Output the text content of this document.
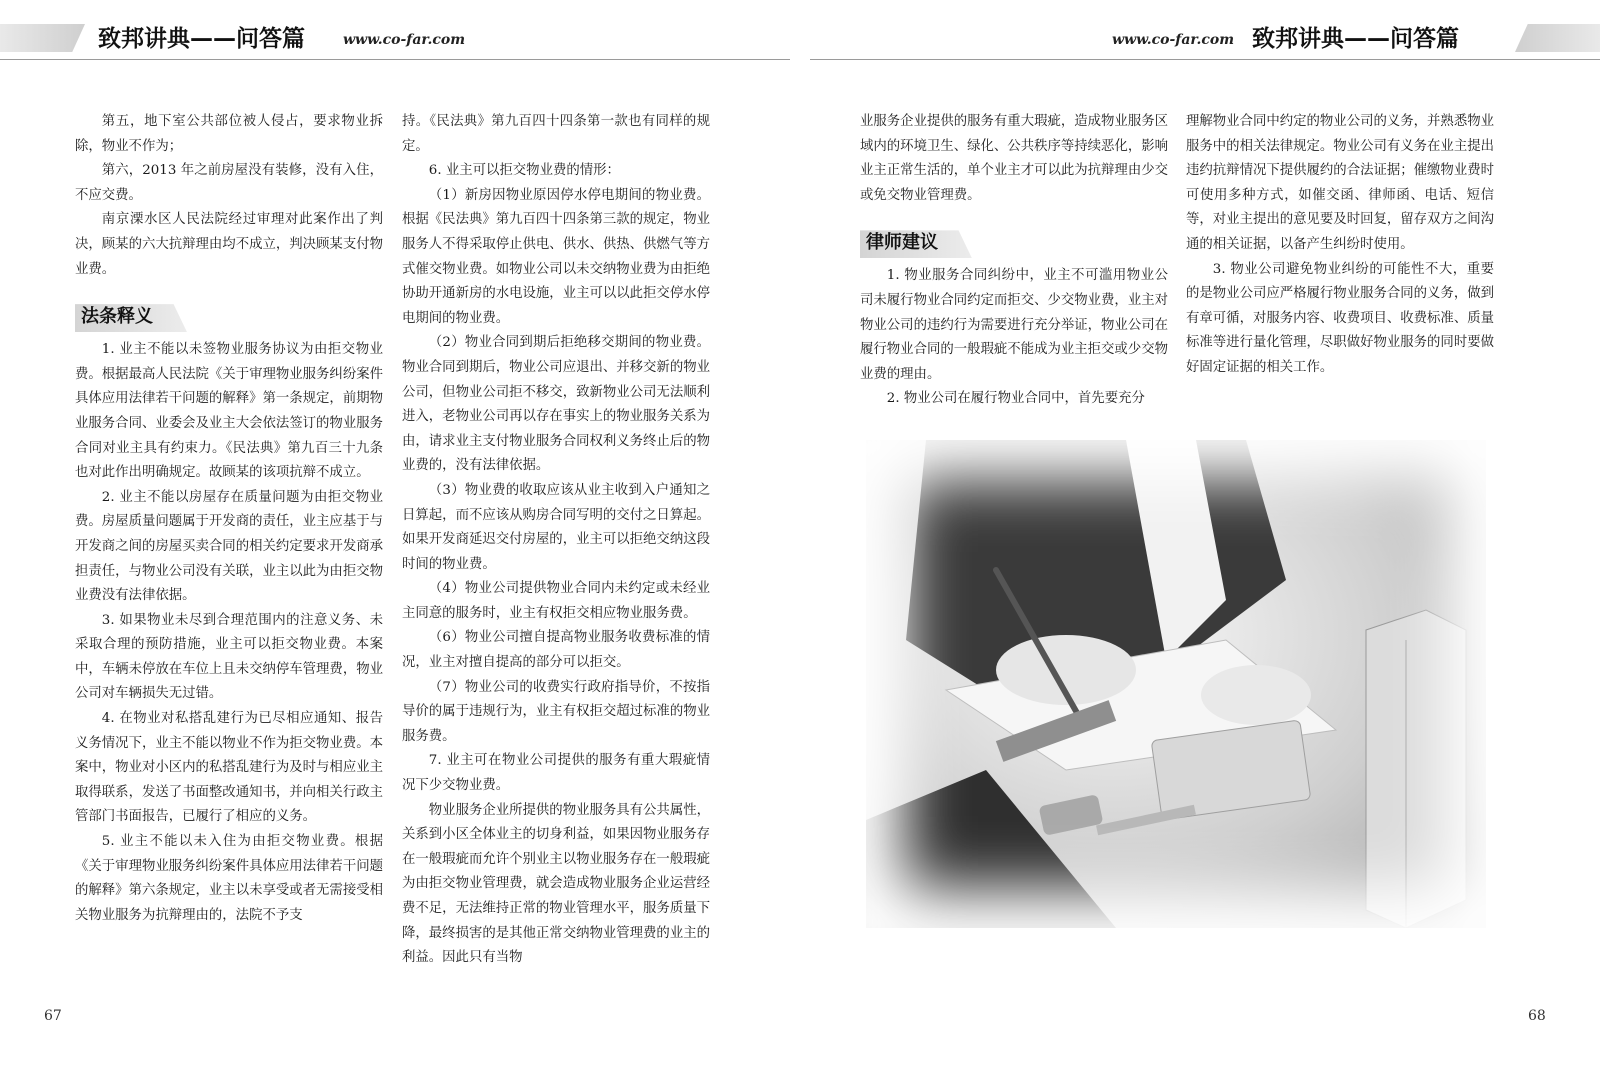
致邦讲典——问答篇	www.co-far.com	www.co-far.com 致邦讲典——问答篇

第五，地下室公共部位被人侵占，要求物业拆除，物业不作为；

第六，2013 年之前房屋没有装修，没有入住，不应交费。

南京溧水区人民法院经过审理对此案作出了判决，顾某的六大抗辩理由均不成立，判决顾某支付物业费。

法条释义

1. 业主不能以未签物业服务协议为由拒交物业费。根据最高人民法院《关于审理物业服务纠纷案件具体应用法律若干问题的解释》第一条规定，前期物业服务合同、业委会及业主大会依法签订的物业服务合同对业主具有约束力。《民法典》第九百三十九条也对此作出明确规定。故顾某的该项抗辩不成立。

2. 业主不能以房屋存在质量问题为由拒交物业费。房屋质量问题属于开发商的责任，业主应基于与开发商之间的房屋买卖合同的相关约定要求开发商承担责任，与物业公司没有关联，业主以此为由拒交物业费没有法律依据。

3. 如果物业未尽到合理范围内的注意义务、未采取合理的预防措施，业主可以拒交物业费。本案中，车辆未停放在车位上且未交纳停车管理费，物业公司对车辆损失无过错。

4. 在物业对私搭乱建行为已尽相应通知、报告义务情况下，业主不能以物业不作为拒交物业费。本案中，物业对小区内的私搭乱建行为及时与相应业主取得联系，发送了书面整改通知书，并向相关行政主管部门书面报告，已履行了相应的义务。

5. 业主不能以未入住为由拒交物业费。根据《关于审理物业服务纠纷案件具体应用法律若干问题的解释》第六条规定，业主以未享受或者无需接受相关物业服务为抗辩理由的，法院不予支

持。《民法典》第九百四十四条第一款也有同样的规定。

6. 业主可以拒交物业费的情形：

（1）新房因物业原因停水停电期间的物业费。根据《民法典》第九百四十四条第三款的规定，物业服务人不得采取停止供电、供水、供热、供燃气等方式催交物业费。如物业公司以未交纳物业费为由拒绝协助开通新房的水电设施，业主可以以此拒交停水停电期间的物业费。

（2）物业合同到期后拒绝移交期间的物业费。物业合同到期后，物业公司应退出、并移交新的物业公司，但物业公司拒不移交，致新物业公司无法顺利进入，老物业公司再以存在事实上的物业服务关系为由，请求业主支付物业服务合同权利义务终止后的物业费的，没有法律依据。

（3）物业费的收取应该从业主收到入户通知之日算起，而不应该从购房合同写明的交付之日算起。如果开发商延迟交付房屋的，业主可以拒绝交纳这段时间的物业费。

（4）物业公司提供物业合同内未约定或未经业主同意的服务时，业主有权拒交相应物业服务费。

（6）物业公司擅自提高物业服务收费标准的情况，业主对擅自提高的部分可以拒交。

（7）物业公司的收费实行政府指导价，不按指导价的属于违规行为，业主有权拒交超过标准的物业服务费。

7. 业主可在物业公司提供的服务有重大瑕疵情况下少交物业费。

物业服务企业所提供的物业服务具有公共属性，关系到小区全体业主的切身利益，如果因物业服务存在一般瑕疵而允许个别业主以物业服务存在一般瑕疵为由拒交物业管理费，就会造成物业服务企业运营经费不足，无法维持正常的物业管理水平，服务质量下降，最终损害的是其他正常交纳物业管理费的业主的利益。因此只有当物

业服务企业提供的服务有重大瑕疵，造成物业服务区域内的环境卫生、绿化、公共秩序等持续恶化，影响业主正常生活的，单个业主才可以此为抗辩理由少交或免交物业管理费。

律师建议

1. 物业服务合同纠纷中，业主不可滥用物业公司未履行物业合同约定而拒交、少交物业费，业主对物业公司的违约行为需要进行充分举证，物业公司在履行物业合同的一般瑕疵不能成为业主拒交或少交物业费的理由。

2. 物业公司在履行物业合同中，首先要充分

理解物业合同中约定的物业公司的义务，并熟悉物业服务中的相关法律规定。物业公司有义务在业主提出违约抗辩情况下提供履约的合法证据；催缴物业费时可使用多种方式，如催交函、律师函、电话、短信等，对业主提出的意见要及时回复，留存双方之间沟通的相关证据，以备产生纠纷时使用。

3. 物业公司避免物业纠纷的可能性不大，重要的是物业公司应严格履行物业服务合同的义务，做到有章可循，对服务内容、收费项目、收费标准、质量标准等进行量化管理，尽职做好物业服务的同时要做好固定证据的相关工作。

67	68
